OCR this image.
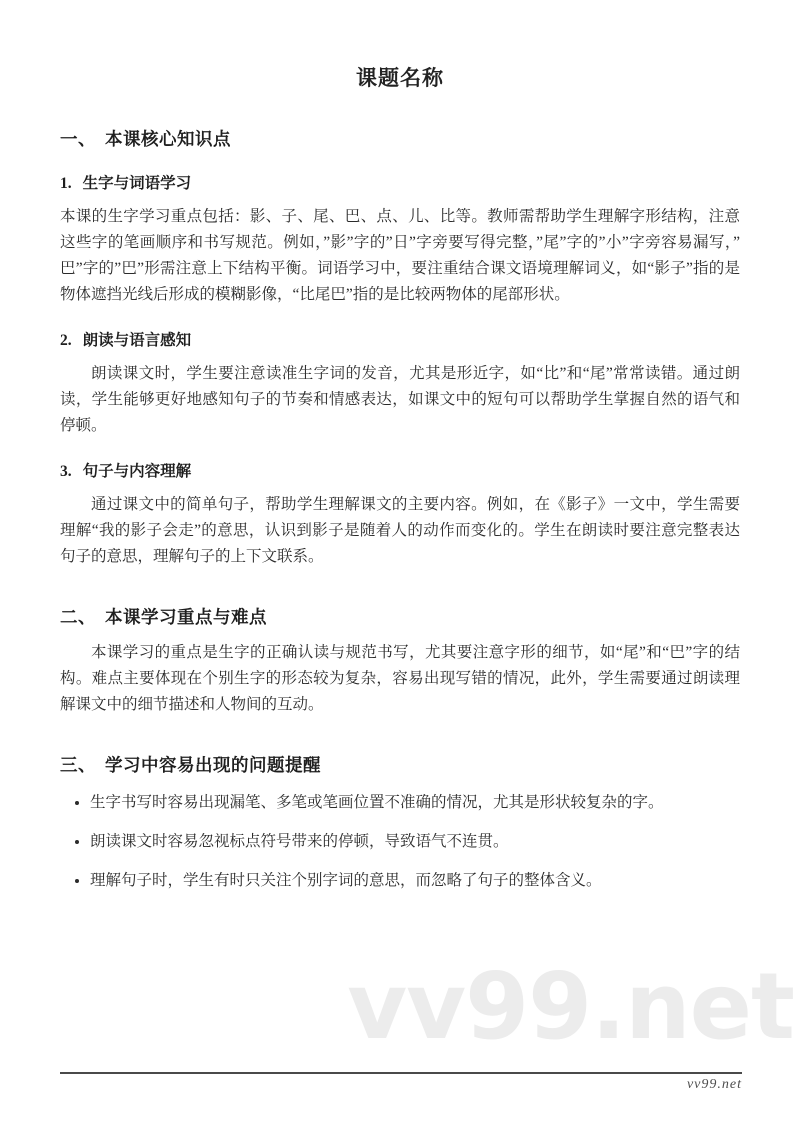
vv99.net
课题名称
一、 本课核心知识点
1. 生字与词语学习

本课的生字学习重点包括：影、子、尾、巴、点、儿、比等。教师需帮助学生理解字形结构，注意这些字的笔画顺序和书写规范。例如，”影”字的”日”字旁要写得完整，”尾”字的”小”字旁容易漏写，”巴”字的”巴”形需注意上下结构平衡。词语学习中，要注重结合课文语境理解词义，如“影子”指的是物体遮挡光线后形成的模糊影像，“比尾巴”指的是比较两物体的尾部形状。

2. 朗读与语言感知

朗读课文时，学生要注意读准生字词的发音，尤其是形近字，如“比”和“尾”常常读错。通过朗读，学生能够更好地感知句子的节奏和情感表达，如课文中的短句可以帮助学生掌握自然的语气和停顿。

3. 句子与内容理解

通过课文中的简单句子，帮助学生理解课文的主要内容。例如，在《影子》一文中，学生需要理解“我的影子会走”的意思，认识到影子是随着人的动作而变化的。学生在朗读时要注意完整表达句子的意思，理解句子的上下文联系。

二、 本课学习重点与难点

本课学习的重点是生字的正确认读与规范书写，尤其要注意字形的细节，如“尾”和“巴”字的结构。难点主要体现在个别生字的形态较为复杂，容易出现写错的情况，此外，学生需要通过朗读理解课文中的细节描述和人物间的互动。

三、 学习中容易出现的问题提醒
• 生字书写时容易出现漏笔、多笔或笔画位置不准确的情况，尤其是形状较复杂的字。
• 朗读课文时容易忽视标点符号带来的停顿，导致语气不连贯。
• 理解句子时，学生有时只关注个别字词的意思，而忽略了句子的整体含义。

vv99.net
